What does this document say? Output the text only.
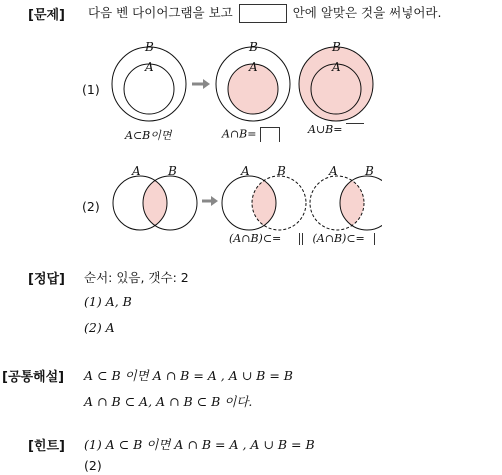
[문제] 다음 벤 다이어그램을 보고	안에 알맞은 것을 써넣어라.
(1)
B
A
B
A
B
A
A⊂B이면	A∩B=	A∪B=
(2)
A B	A B	A B
(A∩B)⊂=	(A∩B)⊂=
[정답] 순서: 있음, 갯수: 2
(1) A, B
(2) A
[공통해설] A ⊂ B 이면 A ∩ B = A , A ∪ B = B
A ∩ B ⊂ A, A ∩ B ⊂ B 이다.
[힌트] (1) A ⊂ B 이면 A ∩ B = A , A ∪ B = B
(2)
